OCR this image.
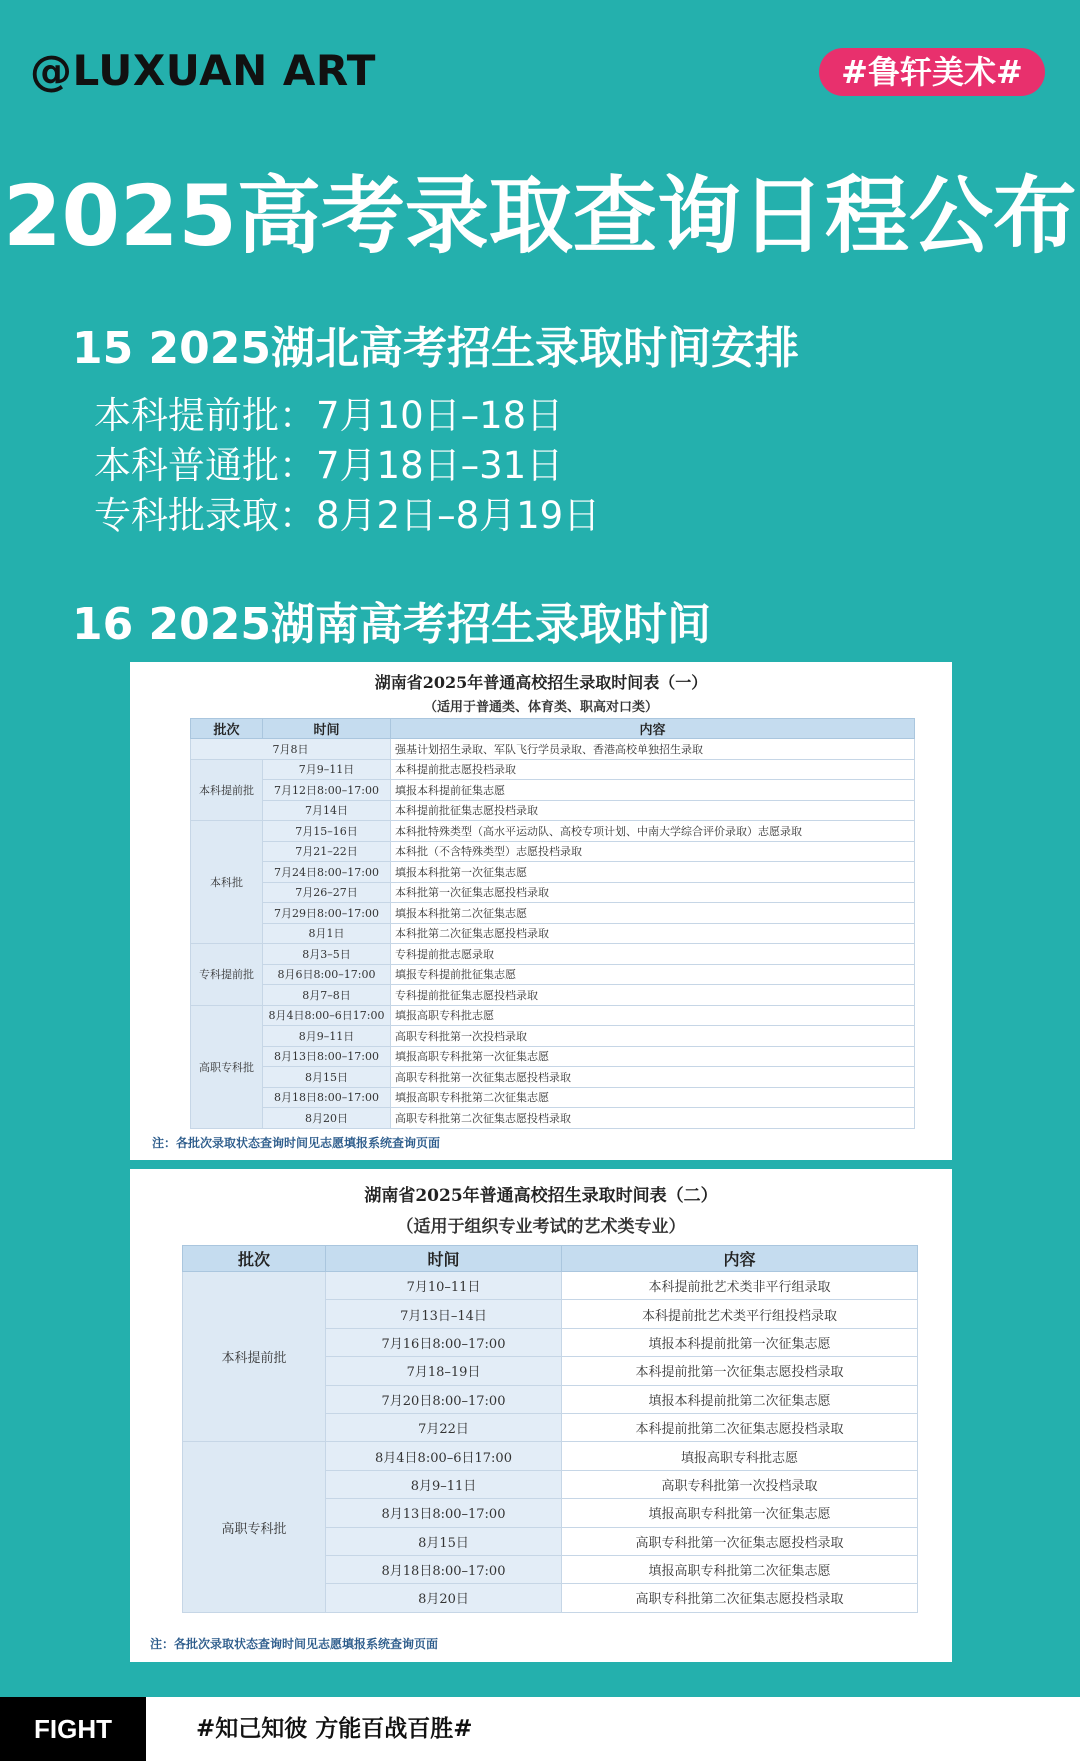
@LUXUAN ART	#鲁轩美术#
2025高考录取查询日程公布
15 2025湖北高考招生录取时间安排
本科提前批：7月10日–18日
本科普通批：7月18日–31日
专科批录取：8月2日–8月19日
16 2025湖南高考招生录取时间
湖南省2025年普通高校招生录取时间表（一）
（适用于普通类、体育类、职高对口类）
批次	时间	内容
7月8日		强基计划招生录取、军队飞行学员录取、香港高校单独招生录取
本科提前批	7月9–11日	本科提前批志愿投档录取
	7月12日8:00–17:00	填报本科提前征集志愿
	7月14日	本科提前批征集志愿投档录取
本科批	7月15–16日	本科批特殊类型（高水平运动队、高校专项计划、中南大学综合评价录取）志愿录取
	7月21–22日	本科批（不含特殊类型）志愿投档录取
	7月24日8:00–17:00	填报本科批第一次征集志愿
	7月26–27日	本科批第一次征集志愿投档录取
	7月29日8:00–17:00	填报本科批第二次征集志愿
	8月1日	本科批第二次征集志愿投档录取
专科提前批	8月3–5日	专科提前批志愿录取
	8月6日8:00–17:00	填报专科提前批征集志愿
	8月7–8日	专科提前批征集志愿投档录取
高职专科批	8月4日8:00–6日17:00	填报高职专科批志愿
	8月9–11日	高职专科批第一次投档录取
	8月13日8:00–17:00	填报高职专科批第一次征集志愿
	8月15日	高职专科批第一次征集志愿投档录取
	8月18日8:00–17:00	填报高职专科批第二次征集志愿
	8月20日	高职专科批第二次征集志愿投档录取
注：各批次录取状态查询时间见志愿填报系统查询页面
湖南省2025年普通高校招生录取时间表（二）
（适用于组织专业考试的艺术类专业）
批次	时间	内容
本科提前批	7月10–11日	本科提前批艺术类非平行组录取
	7月13日–14日	本科提前批艺术类平行组投档录取
	7月16日8:00–17:00	填报本科提前批第一次征集志愿
	7月18–19日	本科提前批第一次征集志愿投档录取
	7月20日8:00–17:00	填报本科提前批第二次征集志愿
	7月22日	本科提前批第二次征集志愿投档录取
高职专科批	8月4日8:00–6日17:00	填报高职专科批志愿
	8月9–11日	高职专科批第一次投档录取
	8月13日8:00–17:00	填报高职专科批第一次征集志愿
	8月15日	高职专科批第一次征集志愿投档录取
	8月18日8:00–17:00	填报高职专科批第二次征集志愿
	8月20日	高职专科批第二次征集志愿投档录取
注：各批次录取状态查询时间见志愿填报系统查询页面
FIGHT	#知己知彼 方能百战百胜#
